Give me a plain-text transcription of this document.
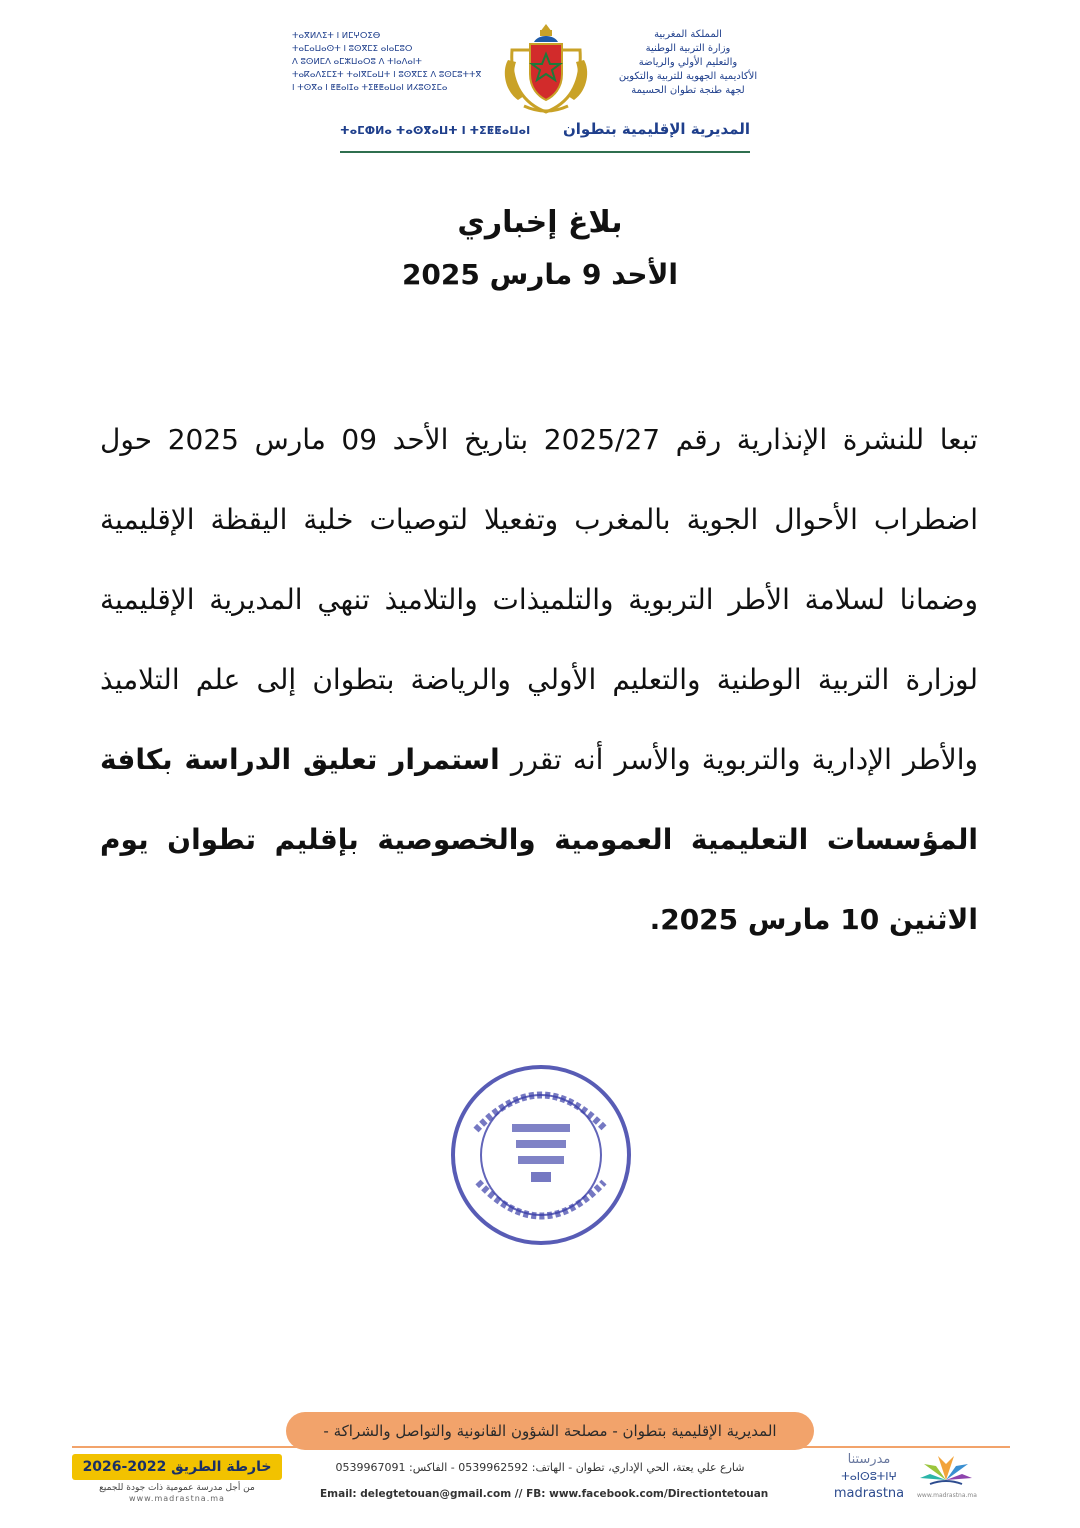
ⵜⴰⴳⵍⴷⵉⵜ ⵏ ⵍⵎⵖⵔⵉⴱ
ⵜⴰⵎⴰⵡⴰⵙⵜ ⵏ ⵓⵙⴳⵎⵉ ⴰⵏⴰⵎⵓⵔ
ⴷ ⵓⵙⵍⵎⴷ ⴰⵎⵣⵡⴰⵔⵓ ⴷ ⵜⵏⴰⴷⴰⵏⵜ
ⵜⴰⴽⴰⴷⵉⵎⵉⵜ ⵜⴰⵏⴳⵎⴰⵡⵜ ⵏ ⵓⵙⴳⵎⵉ ⴷ ⵓⵙⵎⵓⵜⵜⴳ
ⵏ ⵜⵙⴳⴰ ⵏ ⵟⵟⴰⵏⵊⴰ ⵜⵉⵟⵟⴰⵡⴰⵏ ⵍⵃⵓⵙⵉⵎⴰ
المملكة المغربية
وزارة التربية الوطنية
والتعليم الأولي والرياضة
الأكاديمية الجهوية للتربية والتكوين
لجهة طنجة تطوان الحسيمة
ⵜⴰⵎⵀⵍⴰ ⵜⴰⵙⴳⴰⵡⵜ ⵏ ⵜⵉⵟⵟⴰⵡⴰⵏ المديرية الإقليمية بتطوان
بلاغ إخباري
الأحد 9 مارس 2025
تبعا للنشرة الإنذارية رقم 2025/27 بتاريخ الأحد 09 مارس 2025 حول اضطراب الأحوال الجوية بالمغرب وتفعيلا لتوصيات خلية اليقظة الإقليمية وضمانا لسلامة الأطر التربوية والتلميذات والتلاميذ تنهي المديرية الإقليمية لوزارة التربية الوطنية والتعليم الأولي والرياضة بتطوان إلى علم التلاميذ والأطر الإدارية والتربوية والأسر أنه تقرر استمرار تعليق الدراسة بكافة المؤسسات التعليمية العمومية والخصوصية بإقليم تطوان يوم الاثنين 10 مارس 2025.
المديرية الإقليمية بتطوان - مصلحة الشؤون القانونية والتواصل والشراكة -
خارطة الطريق 2022-2026
من أجل مدرسة عمومية ذات جودة للجميع
www.madrastna.ma
شارع علي يعتة، الحي الإداري، تطوان - الهاتف: 0539962592 - الفاكس: 0539967091
Email: delegtetouan@gmail.com // FB: www.facebook.com/Directiontetouan
مدرستنا
ⵜⴰⵏⵙⵓⵜⵏⵖ
madrastna	www.madrastna.ma
